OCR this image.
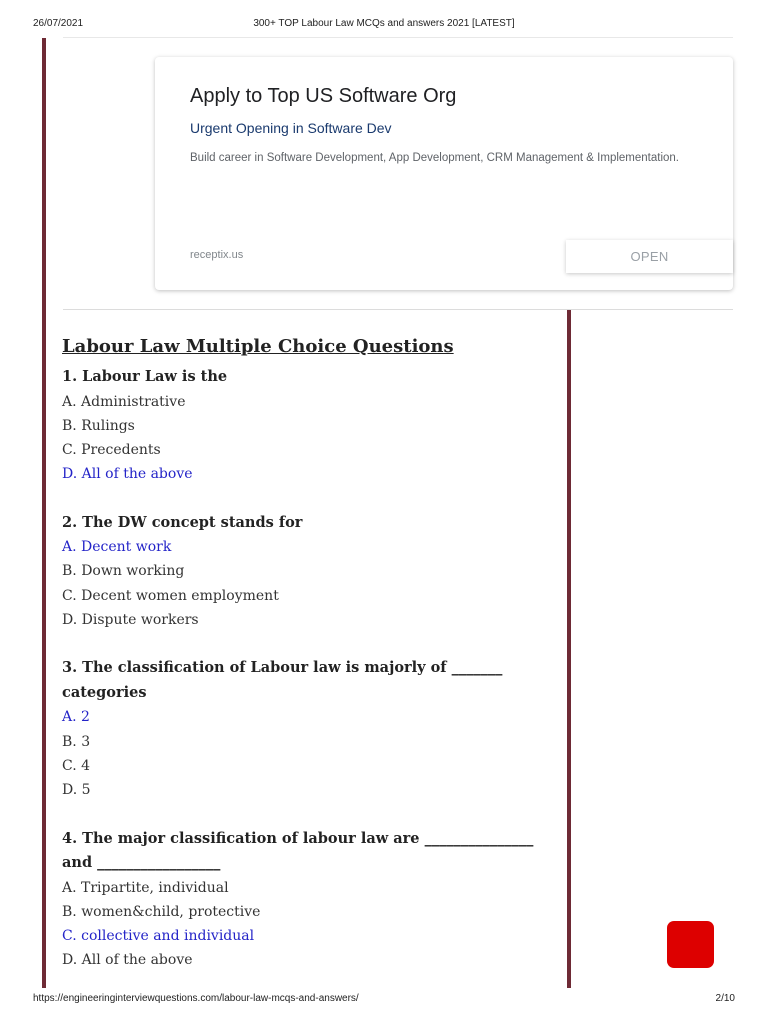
26/07/2021	300+ TOP Labour Law MCQs and answers 2021 [LATEST]
Apply to Top US Software Org
Urgent Opening in Software Dev
Build career in Software Development, App Development, CRM Management & Implementation.
receptix.us	OPEN
Labour Law Multiple Choice Questions
1. Labour Law is the
A. Administrative
B. Rulings
C. Precedents
D. All of the above
2. The DW concept stands for
A. Decent work
B. Down working
C. Decent women employment
D. Dispute workers
3. The classification of Labour law is majorly of _______ categories
A. 2
B. 3
C. 4
D. 5
4. The major classification of labour law are _______________ and _________________
A. Tripartite, individual
B. women&child, protective
C. collective and individual
D. All of the above
https://engineeringinterviewquestions.com/labour-law-mcqs-and-answers/	2/10
